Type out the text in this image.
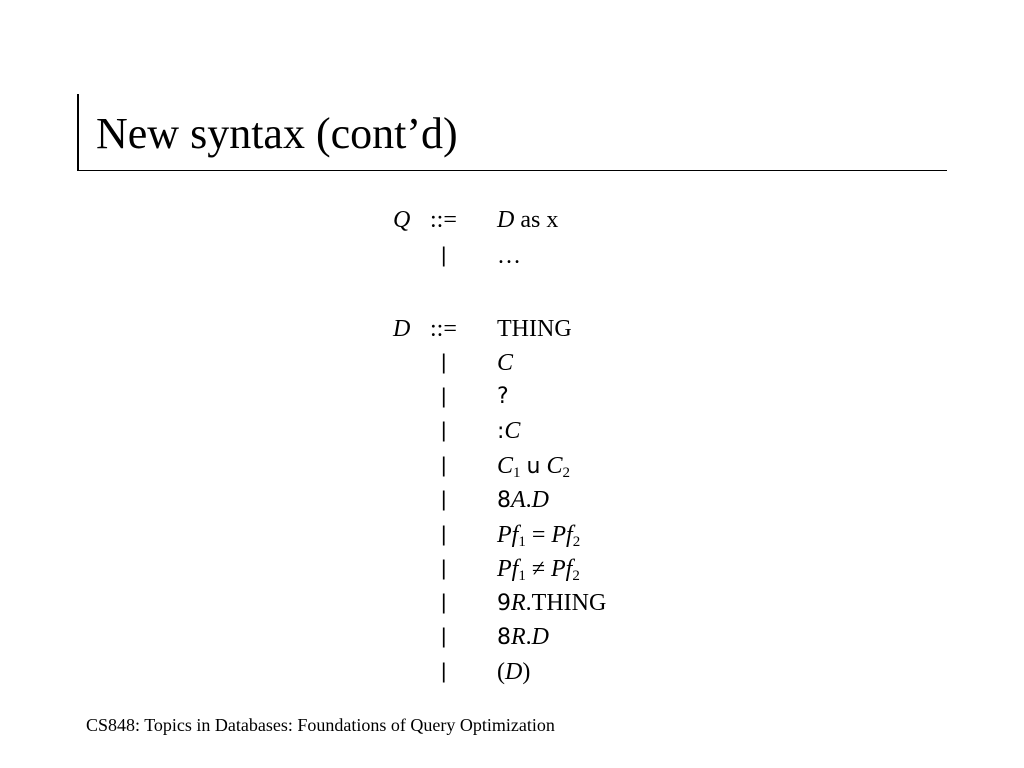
New syntax (cont’d)
Q ::=	D as x
| …
D ::=	THING
| C
| ?
| :C
| $C_1$ u $C_2$
| 8A.D
| $Pf_1 = Pf_2$
| $Pf_1 \ne Pf_2$
| 9R.THING
| 8R.D
| (D)
CS848: Topics in Databases: Foundations of Query Optimization
